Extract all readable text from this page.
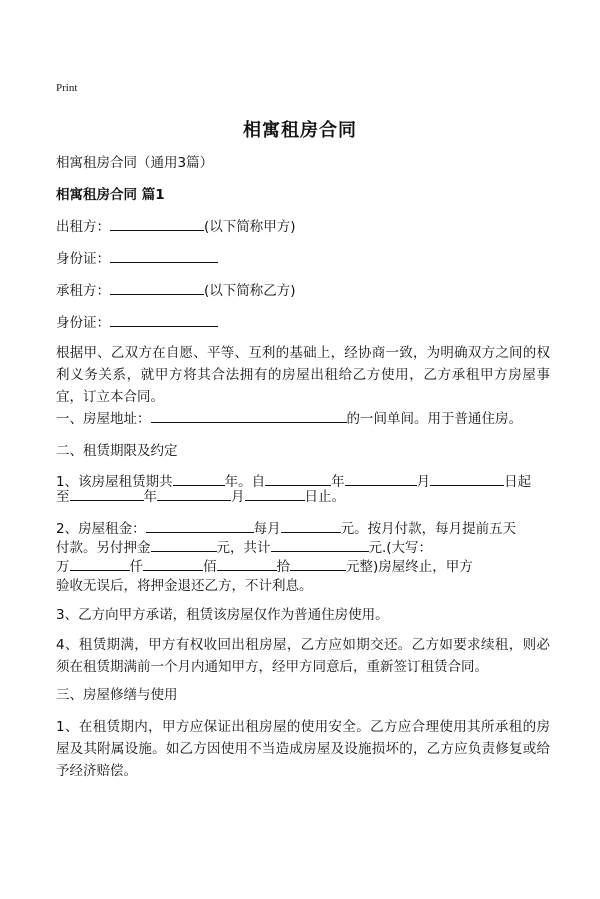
Print
相寓租房合同
相寓租房合同（通用3篇）
相寓租房合同 篇1
出租方：	(以下简称甲方)
身份证：
承租方：	(以下简称乙方)
身份证：
根据甲、乙双方在自愿、平等、互利的基础上，经协商一致，为明确双方之间的权利义务关系，就甲方将其合法拥有的房屋出租给乙方使用，乙方承租甲方房屋事宜，订立本合同。
一、房屋地址：	的一间单间。用于普通住房。
二、租赁期限及约定
1、该房屋租赁期共	年。自	年	月	日起
至	年	月	日止。
2、房屋租金：	每月	元。按月付款，每月提前五天
付款。另付押金	元，共计	元.(大写：
万	仟	佰	拾	元整)房屋终止，甲方
验收无误后，将押金退还乙方，不计利息。
3、乙方向甲方承诺，租赁该房屋仅作为普通住房使用。
4、租赁期满，甲方有权收回出租房屋，乙方应如期交还。乙方如要求续租，则必须在租赁期满前一个月内通知甲方，经甲方同意后，重新签订租赁合同。
三、房屋修缮与使用
1、在租赁期内，甲方应保证出租房屋的使用安全。乙方应合理使用其所承租的房屋及其附属设施。如乙方因使用不当造成房屋及设施损坏的，乙方应负责修复或给予经济赔偿。
